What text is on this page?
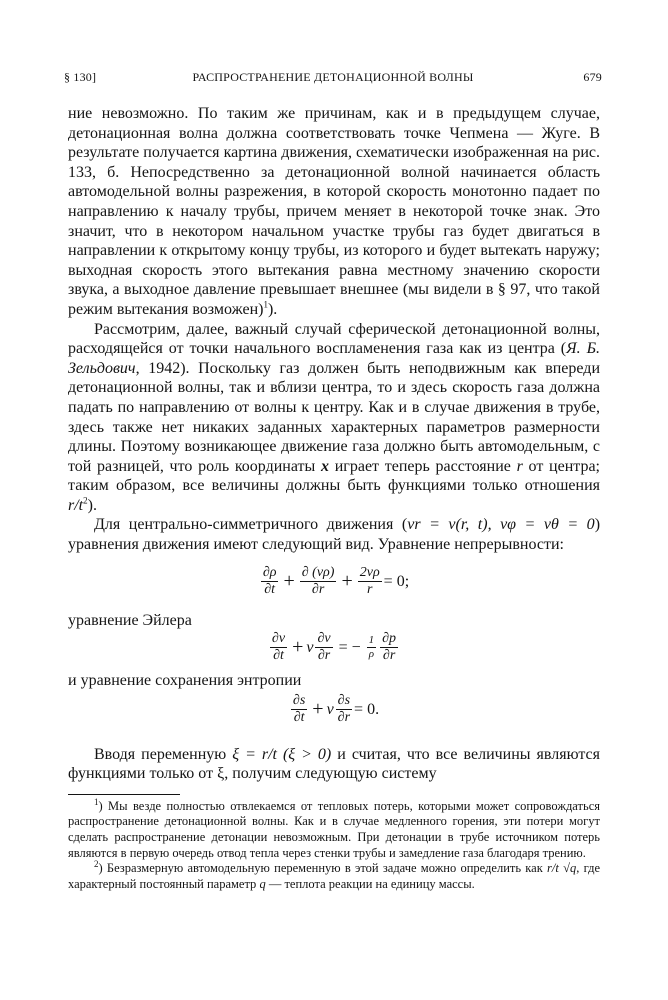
§ 130]	РАСПРОСТРАНЕНИЕ ДЕТОНАЦИОННОЙ ВОЛНЫ	679

ние невозможно. По таким же причинам, как и в предыдущем случае, детонационная волна должна соответствовать точке Чепмена — Жуге. В результате получается картина движения, схематически изображенная на рис. 133, б. Непосредственно за детонационной волной начинается область автомодельной волны разрежения, в которой скорость монотонно падает по направлению к началу трубы, причем меняет в некоторой точке знак. Это значит, что в некотором начальном участке трубы газ будет двигаться в направлении к открытому концу трубы, из которого и будет вытекать наружу; выходная скорость этого вытекания равна местному значению скорости звука, а выходное давление превышает внешнее (мы видели в § 97, что такой режим вытекания возможен)$^1$).

Рассмотрим, далее, важный случай сферической детонационной волны, расходящейся от точки начального воспламенения газа как из центра (Я. Б. Зельдович, 1942). Поскольку газ должен быть неподвижным как впереди детонационной волны, так и вблизи центра, то и здесь скорость газа должна падать по направлению от волны к центру. Как и в случае движения в трубе, здесь также нет никаких заданных характерных параметров размерности длины. Поэтому возникающее движение газа должно быть автомодельным, с той разницей, что роль координаты x играет теперь расстояние r от центра; таким образом, все величины должны быть функциями только отношения $r/t^2$).

Для центрально-симметричного движения (vr = v(r, t), vφ = vθ = 0) уравнения движения имеют следующий вид. Уравнение непрерывности:

$\frac{\partial\rho}{\partial t} + \frac{\partial (v\rho)}{\partial r} + \frac{2v\rho}{r} = 0$;

уравнение Эйлера

$\frac{\partial v}{\partial t} + v \frac{\partial v}{\partial r}$ = − $\frac{1}{\rho} \frac{\partial p}{\partial r}$

и уравнение сохранения энтропии

$\frac{\partial s}{\partial t} + v \frac{\partial s}{\partial r} = 0$.

Вводя переменную ξ = r/t (ξ > 0) и считая, что все величины являются функциями только от ξ, получим следующую систему

$^1$) Мы везде полностью отвлекаемся от тепловых потерь, которыми может сопровождаться распространение детонационной волны. Как и в случае медленного горения, эти потери могут сделать распространение детонации невозможным. При детонации в трубе источником потерь являются в первую очередь отвод тепла через стенки трубы и замедление газа благодаря трению.

$^2$) Безразмерную автомодельную переменную в этой задаче можно определить как r/t √q, где характерный постоянный параметр q — теплота реакции на единицу массы.
